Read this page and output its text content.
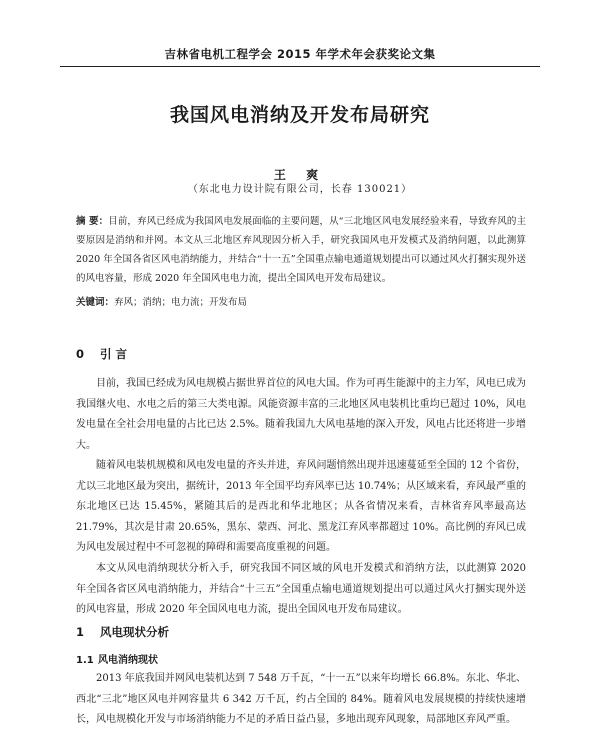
吉林省电机工程学会 2015 年学术年会获奖论文集
我国风电消纳及开发布局研究
王 爽
（东北电力设计院有限公司，长春 130021）
摘 要：目前，弃风已经成为我国风电发展面临的主要问题，从“三北地区风电发展经验来看，导致弃风的主要原因是消纳和并网。本文从三北地区弃风现因分析入手，研究我国风电开发模式及消纳问题，以此测算 2020 年全国各省区风电消纳能力，并结合“十一五”全国重点输电通道规划提出可以通过风火打捆实现外送的风电容量，形成 2020 年全国风电电力流，提出全国风电开发布局建议。
关键词：弃风；消纳；电力流；开发布局
0 引 言
目前，我国已经成为风电规模占据世界首位的风电大国。作为可再生能源中的主力军，风电已成为我国继火电、水电之后的第三大类电源。风能资源丰富的三北地区风电装机比重均已超过 10%，风电发电量在全社会用电量的占比已达 2.5%。随着我国九大风电基地的深入开发，风电占比还将进一步增大。
随着风电装机规模和风电发电量的齐头并进，弃风问题悄然出现并迅速蔓延至全国的 12 个省份，尤以三北地区最为突出，据统计，2013 年全国平均弃风率已达 10.74%；从区域来看，弃风最严重的东北地区已达 15.45%，紧随其后的是西北和华北地区；从各省情况来看，吉林省弃风率最高达 21.79%，其次是甘肃 20.65%，黑东、蒙西、河北、黑龙江弃风率都超过 10%。高比例的弃风已成为风电发展过程中不可忽视的障碍和需要高度重视的问题。
本文从风电消纳现状分析入手，研究我国不同区域的风电开发模式和消纳方法，以此测算 2020 年全国各省区风电消纳能力，并结合“十三五”全国重点输电通道规划提出可以通过风火打捆实现外送的风电容量，形成 2020 年全国风电电力流，提出全国风电开发布局建议。
1 风电现状分析
1.1 风电消纳现状
2013 年底我国并网风电装机达到 7 548 万千瓦，“十一五”以来年均增长 66.8%。东北、华北、西北“三北”地区风电并网容量共 6 342 万千瓦，约占全国的 84%。随着风电发展规模的持续快速增长，风电规模化开发与市场消纳能力不足的矛盾日益凸显，多地出现弃风现象，局部地区弃风严重。
